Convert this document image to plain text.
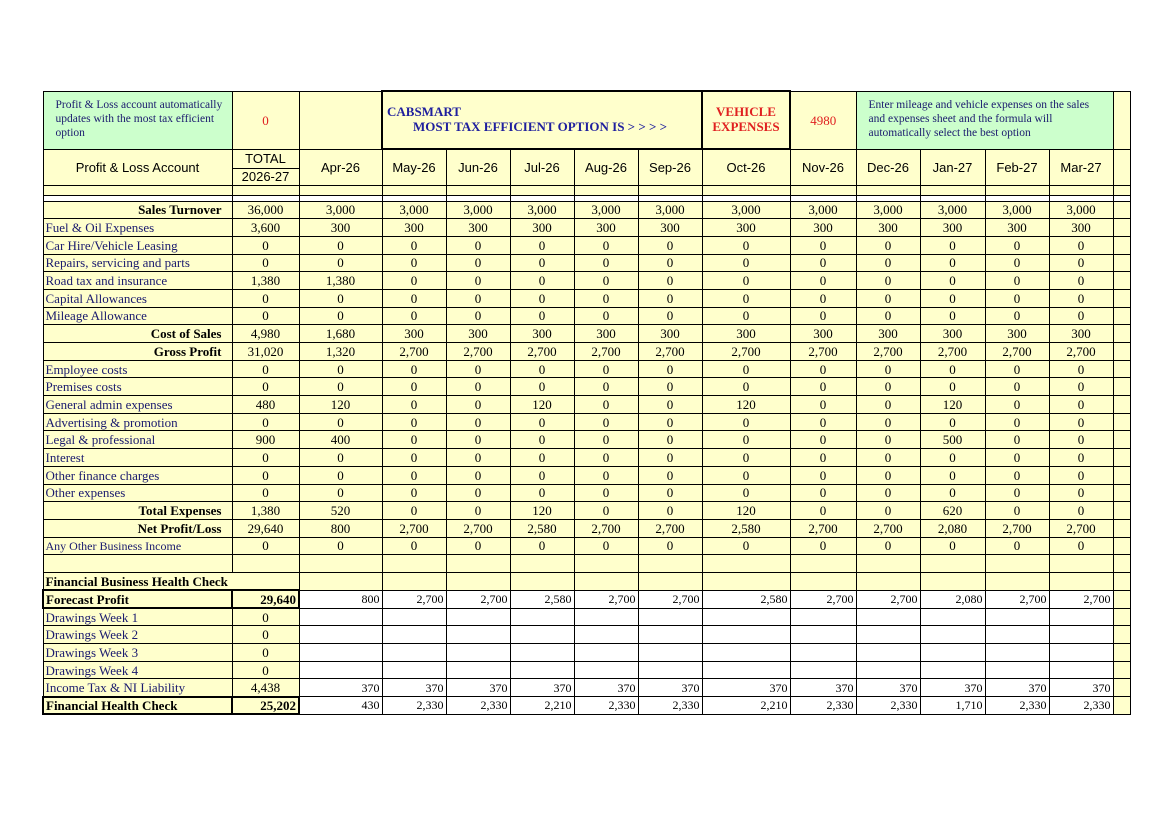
Profit & Loss account automatically updates with the most tax efficient option	0		CABSMART
MOST TAX EFFICIENT OPTION IS > > > >					VEHICLE EXPENSES	4980	Enter mileage and vehicle expenses on the sales and expenses sheet and the formula will automatically select the best option				
Profit & Loss Account	TOTAL	Apr-26	May-26	Jun-26	Jul-26	Aug-26	Sep-26	Oct-26	Nov-26	Dec-26	Jan-27	Feb-27	Mar-27	
	2026-27													

Sales Turnover	36,000	3,000	3,000	3,000	3,000	3,000	3,000	3,000	3,000	3,000	3,000	3,000	3,000	
Fuel & Oil Expenses	3,600	300	300	300	300	300	300	300	300	300	300	300	300	
Car Hire/Vehicle Leasing	0	0	0	0	0	0	0	0	0	0	0	0	0	
Repairs, servicing and parts	0	0	0	0	0	0	0	0	0	0	0	0	0	
Road tax and insurance	1,380	1,380	0	0	0	0	0	0	0	0	0	0	0	
Capital Allowances	0	0	0	0	0	0	0	0	0	0	0	0	0	
Mileage Allowance	0	0	0	0	0	0	0	0	0	0	0	0	0	
Cost of Sales	4,980	1,680	300	300	300	300	300	300	300	300	300	300	300	
Gross Profit	31,020	1,320	2,700	2,700	2,700	2,700	2,700	2,700	2,700	2,700	2,700	2,700	2,700	
Employee costs	0	0	0	0	0	0	0	0	0	0	0	0	0	
Premises costs	0	0	0	0	0	0	0	0	0	0	0	0	0	
General admin expenses	480	120	0	0	120	0	0	120	0	0	120	0	0	
Advertising & promotion	0	0	0	0	0	0	0	0	0	0	0	0	0	
Legal & professional	900	400	0	0	0	0	0	0	0	0	500	0	0	
Interest	0	0	0	0	0	0	0	0	0	0	0	0	0	
Other finance charges	0	0	0	0	0	0	0	0	0	0	0	0	0	
Other expenses	0	0	0	0	0	0	0	0	0	0	0	0	0	
Total Expenses	1,380	520	0	0	120	0	0	120	0	0	620	0	0	
Net Profit/Loss	29,640	800	2,700	2,700	2,580	2,700	2,700	2,580	2,700	2,700	2,080	2,700	2,700	
Any Other Business Income	0	0	0	0	0	0	0	0	0	0	0	0	0	

Financial Business Health Check														
Forecast Profit	29,640	800	2,700	2,700	2,580	2,700	2,700	2,580	2,700	2,700	2,080	2,700	2,700	
Drawings Week 1	0													
Drawings Week 2	0													
Drawings Week 3	0													
Drawings Week 4	0													
Income Tax & NI Liability	4,438	370	370	370	370	370	370	370	370	370	370	370	370	
Financial Health Check	25,202	430	2,330	2,330	2,210	2,330	2,330	2,210	2,330	2,330	1,710	2,330	2,330	
